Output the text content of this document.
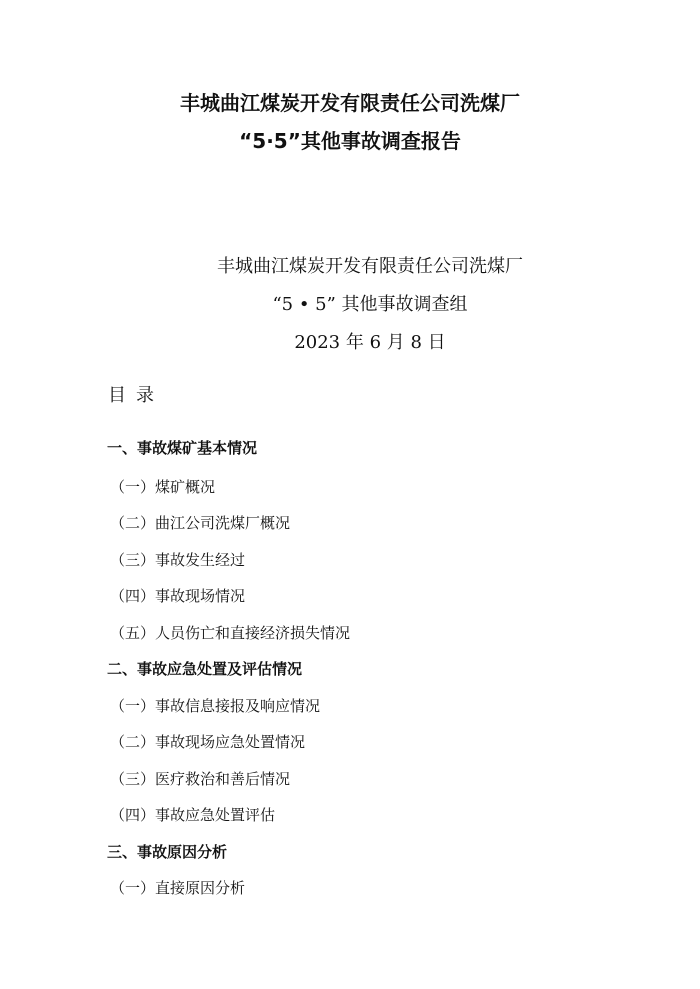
丰城曲江煤炭开发有限责任公司洗煤厂
“5·5”其他事故调查报告
丰城曲江煤炭开发有限责任公司洗煤厂
“5 • 5” 其他事故调查组
2023 年 6 月 8 日
目录
一、事故煤矿基本情况
（一）煤矿概况
（二）曲江公司洗煤厂概况
（三）事故发生经过
（四）事故现场情况
（五）人员伤亡和直接经济损失情况
二、事故应急处置及评估情况
（一）事故信息接报及响应情况
（二）事故现场应急处置情况
（三）医疗救治和善后情况
（四）事故应急处置评估
三、事故原因分析
（一）直接原因分析
